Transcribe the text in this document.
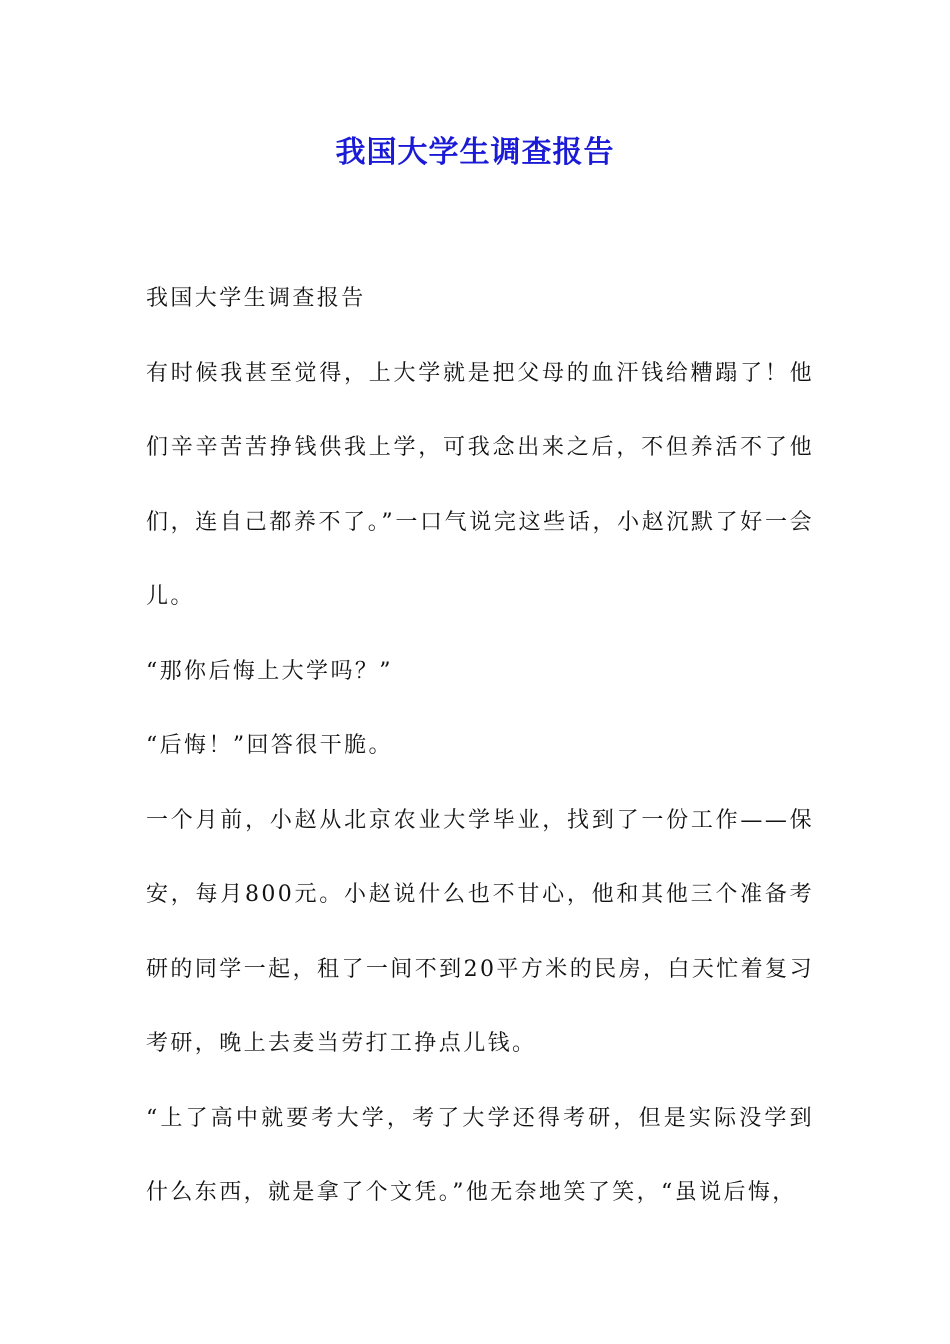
我国大学生调查报告

我国大学生调查报告

有时候我甚至觉得，上大学就是把父母的血汗钱给糟蹋了！他们辛辛苦苦挣钱供我上学，可我念出来之后，不但养活不了他们，连自己都养不了。”一口气说完这些话，小赵沉默了好一会儿。

“那你后悔上大学吗？”

“后悔！”回答很干脆。

一个月前，小赵从北京农业大学毕业，找到了一份工作——保安，每月800元。小赵说什么也不甘心，他和其他三个准备考研的同学一起，租了一间不到20平方米的民房，白天忙着复习考研，晚上去麦当劳打工挣点儿钱。

“上了高中就要考大学，考了大学还得考研，但是实际没学到什么东西，就是拿了个文凭。”他无奈地笑了笑，“虽说后悔，
